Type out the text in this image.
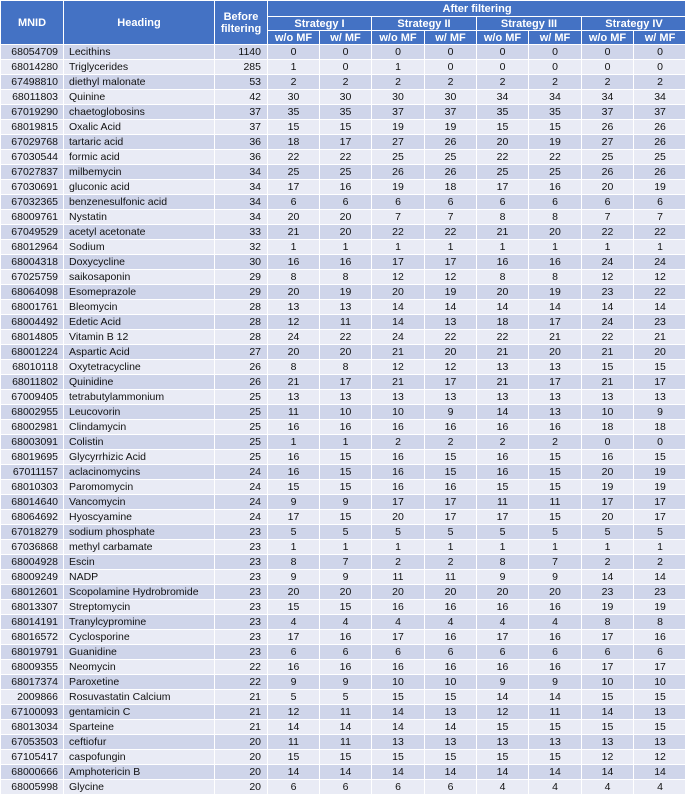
MNID	Heading	Before filtering	After filtering							
			Strategy I		Strategy II		Strategy III		Strategy IV	
			w/o MF	w/ MF	w/o MF	w/ MF	w/o MF	w/ MF	w/o MF	w/ MF
68054709	Lecithins	1140	0	0	0	0	0	0	0	0
68014280	Triglycerides	285	1	0	1	0	0	0	0	0
67498810	diethyl malonate	53	2	2	2	2	2	2	2	2
68011803	Quinine	42	30	30	30	30	34	34	34	34
67019290	chaetoglobosins	37	35	35	37	37	35	35	37	37
68019815	Oxalic Acid	37	15	15	19	19	15	15	26	26
67029768	tartaric acid	36	18	17	27	26	20	19	27	26
67030544	formic acid	36	22	22	25	25	22	22	25	25
67027837	milbemycin	34	25	25	26	26	25	25	26	26
67030691	gluconic acid	34	17	16	19	18	17	16	20	19
67032365	benzenesulfonic acid	34	6	6	6	6	6	6	6	6
68009761	Nystatin	34	20	20	7	7	8	8	7	7
67049529	acetyl acetonate	33	21	20	22	22	21	20	22	22
68012964	Sodium	32	1	1	1	1	1	1	1	1
68004318	Doxycycline	30	16	16	17	17	16	16	24	24
67025759	saikosaponin	29	8	8	12	12	8	8	12	12
68064098	Esomeprazole	29	20	19	20	19	20	19	23	22
68001761	Bleomycin	28	13	13	14	14	14	14	14	14
68004492	Edetic Acid	28	12	11	14	13	18	17	24	23
68014805	Vitamin B 12	28	24	22	24	22	22	21	22	21
68001224	Aspartic Acid	27	20	20	21	20	21	20	21	20
68010118	Oxytetracycline	26	8	8	12	12	13	13	15	15
68011802	Quinidine	26	21	17	21	17	21	17	21	17
67009405	tetrabutylammonium	25	13	13	13	13	13	13	13	13
68002955	Leucovorin	25	11	10	10	9	14	13	10	9
68002981	Clindamycin	25	16	16	16	16	16	16	18	18
68003091	Colistin	25	1	1	2	2	2	2	0	0
68019695	Glycyrrhizic Acid	25	16	15	16	15	16	15	16	15
67011157	aclacinomycins	24	16	15	16	15	16	15	20	19
68010303	Paromomycin	24	15	15	16	16	15	15	19	19
68014640	Vancomycin	24	9	9	17	17	11	11	17	17
68064692	Hyoscyamine	24	17	15	20	17	17	15	20	17
67018279	sodium phosphate	23	5	5	5	5	5	5	5	5
67036868	methyl carbamate	23	1	1	1	1	1	1	1	1
68004928	Escin	23	8	7	2	2	8	7	2	2
68009249	NADP	23	9	9	11	11	9	9	14	14
68012601	Scopolamine Hydrobromide	23	20	20	20	20	20	20	23	23
68013307	Streptomycin	23	15	15	16	16	16	16	19	19
68014191	Tranylcypromine	23	4	4	4	4	4	4	8	8
68016572	Cyclosporine	23	17	16	17	16	17	16	17	16
68019791	Guanidine	23	6	6	6	6	6	6	6	6
68009355	Neomycin	22	16	16	16	16	16	16	17	17
68017374	Paroxetine	22	9	9	10	10	9	9	10	10
2009866	Rosuvastatin Calcium	21	5	5	15	15	14	14	15	15
67100093	gentamicin C	21	12	11	14	13	12	11	14	13
68013034	Sparteine	21	14	14	14	14	15	15	15	15
67053503	ceftiofur	20	11	11	13	13	13	13	13	13
67105417	caspofungin	20	15	15	15	15	15	15	12	12
68000666	Amphotericin B	20	14	14	14	14	14	14	14	14
68005998	Glycine	20	6	6	6	6	4	4	4	4
